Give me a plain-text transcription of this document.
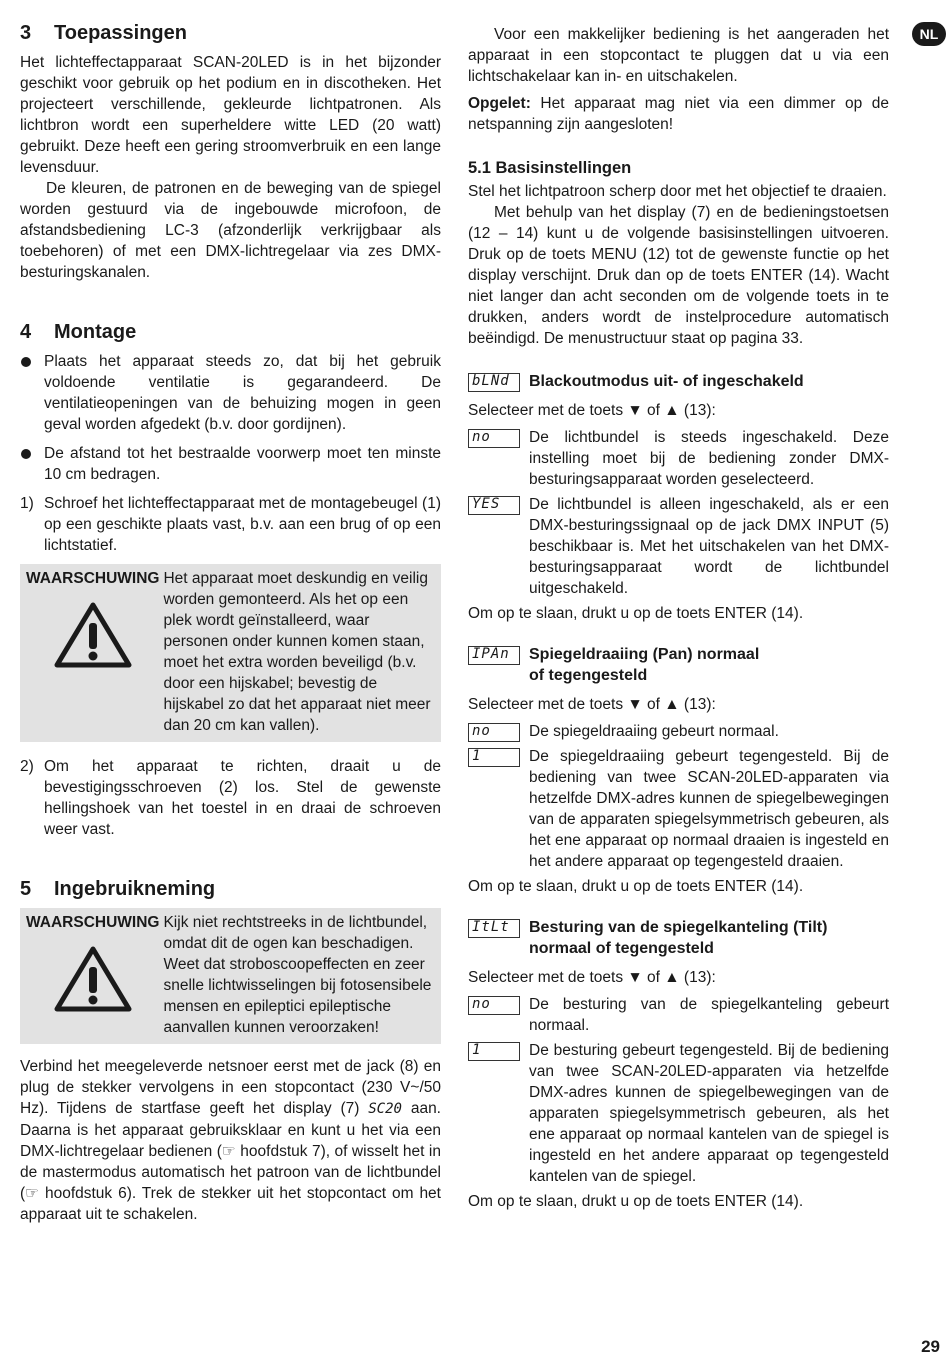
NL
3 Toepassingen

Het lichteffectapparaat SCAN-20LED is in het bijzonder geschikt voor gebruik op het podium en in discotheken. Het projecteert verschillende, gekleurde lichtpatronen. Als lichtbron wordt een superheldere witte LED (20 watt) gebruikt. Deze heeft een gering stroomverbruik en een lange levensduur.

De kleuren, de patronen en de beweging van de spiegel worden gestuurd via de ingebouwde microfoon, de afstandsbediening LC-3 (afzonderlijk verkrijgbaar als toebehoren) of met een DMX-lichtregelaar via zes DMX-besturingskanalen.

4 Montage
Plaats het apparaat steeds zo, dat bij het gebruik voldoende ventilatie is gegarandeerd. De ventilatieopeningen van de behuizing mogen in geen geval worden afgedekt (b.v. door gordijnen).
De afstand tot het bestraalde voorwerp moet ten minste 10 cm bedragen.
1) Schroef het lichteffectapparaat met de montagebeugel (1) op een geschikte plaats vast, b.v. aan een brug of op een lichtstatief.
WAARSCHUWING Het apparaat moet deskundig en veilig worden gemonteerd. Als het op een plek wordt geïnstalleerd, waar personen onder kunnen komen staan, moet het extra worden beveiligd (b.v. door een hijskabel; bevestig de hijskabel zo dat het apparaat niet meer dan 20 cm kan vallen).
2) Om het apparaat te richten, draait u de bevestigingsschroeven (2) los. Stel de gewenste hellingshoek van het toestel in en draai de schroeven weer vast.
5 Ingebruikneming
WAARSCHUWING Kijk niet rechtstreeks in de lichtbundel, omdat dit de ogen kan beschadigen.
Weet dat stroboscoopeffecten en zeer snelle lichtwisselingen bij fotosensibele mensen en epileptici epileptische aanvallen kunnen veroorzaken!

Verbind het meegeleverde netsnoer eerst met de jack (8) en plug de stekker vervolgens in een stopcontact (230 V~/50 Hz). Tijdens de startfase geeft het display (7) SC20 aan. Daarna is het apparaat gebruiksklaar en kunt u het via een DMX-lichtregelaar bedienen (☞ hoofdstuk 7), of wisselt het in de mastermodus automatisch het patroon van de lichtbundel (☞ hoofdstuk 6). Trek de stekker uit het stopcontact om het apparaat uit te schakelen.

Voor een makkelijker bediening is het aangeraden het apparaat in een stopcontact te pluggen dat u via een lichtschakelaar kan in- en uitschakelen.

Opgelet: Het apparaat mag niet via een dimmer op de netspanning zijn aangesloten!

5.1 Basisinstellingen

Stel het lichtpatroon scherp door met het objectief te draaien.

Met behulp van het display (7) en de bedieningstoetsen (12 – 14) kunt u de volgende basisinstellingen uitvoeren. Druk op de toets MENU (12) tot de gewenste functie op het display verschijnt. Druk dan op de toets ENTER (14). Wacht niet langer dan acht seconden om de volgende toets in te drukken, anders wordt de instelprocedure automatisch beëindigd. De menustructuur staat op pagina 33.

bLNd Blackoutmodus uit- of ingeschakeld

Selecteer met de toets ▼ of ▲ (13):

no De lichtbundel is steeds ingeschakeld. Deze instelling moet bij de bediening zonder DMX-besturingsapparaat worden geselecteerd.
YES De lichtbundel is alleen ingeschakeld, als er een DMX-besturingssignaal op de jack DMX INPUT (5) beschikbaar is. Met het uitschakelen van het DMX-besturingsapparaat wordt de lichtbundel uitgeschakeld.

Om op te slaan, drukt u op de toets ENTER (14).

IPAn Spiegeldraaiing (Pan) normaal
of tegengesteld

Selecteer met de toets ▼ of ▲ (13):

no De spiegeldraaiing gebeurt normaal.
1	De spiegeldraaiing gebeurt tegengesteld. Bij de bediening van twee SCAN-20LED-apparaten via hetzelfde DMX-adres kunnen de spiegelbewegingen van de apparaten spiegelsymmetrisch gebeuren, als het ene apparaat op normaal draaien is ingesteld en het andere apparaat op tegengesteld draaien.

Om op te slaan, drukt u op de toets ENTER (14).

ItLt Besturing van de spiegelkanteling (Tilt)
normaal of tegengesteld

Selecteer met de toets ▼ of ▲ (13):

no De besturing van de spiegelkanteling gebeurt normaal.
1	De besturing gebeurt tegengesteld. Bij de bediening van twee SCAN-20LED-apparaten via hetzelfde DMX-adres kunnen de spiegelbewegingen van de apparaten spiegelsymmetrisch gebeuren, als het ene apparaat op normaal kantelen van de spiegel is ingesteld en het andere apparaat op tegengesteld kantelen van de spiegel.

Om op te slaan, drukt u op de toets ENTER (14).

29
